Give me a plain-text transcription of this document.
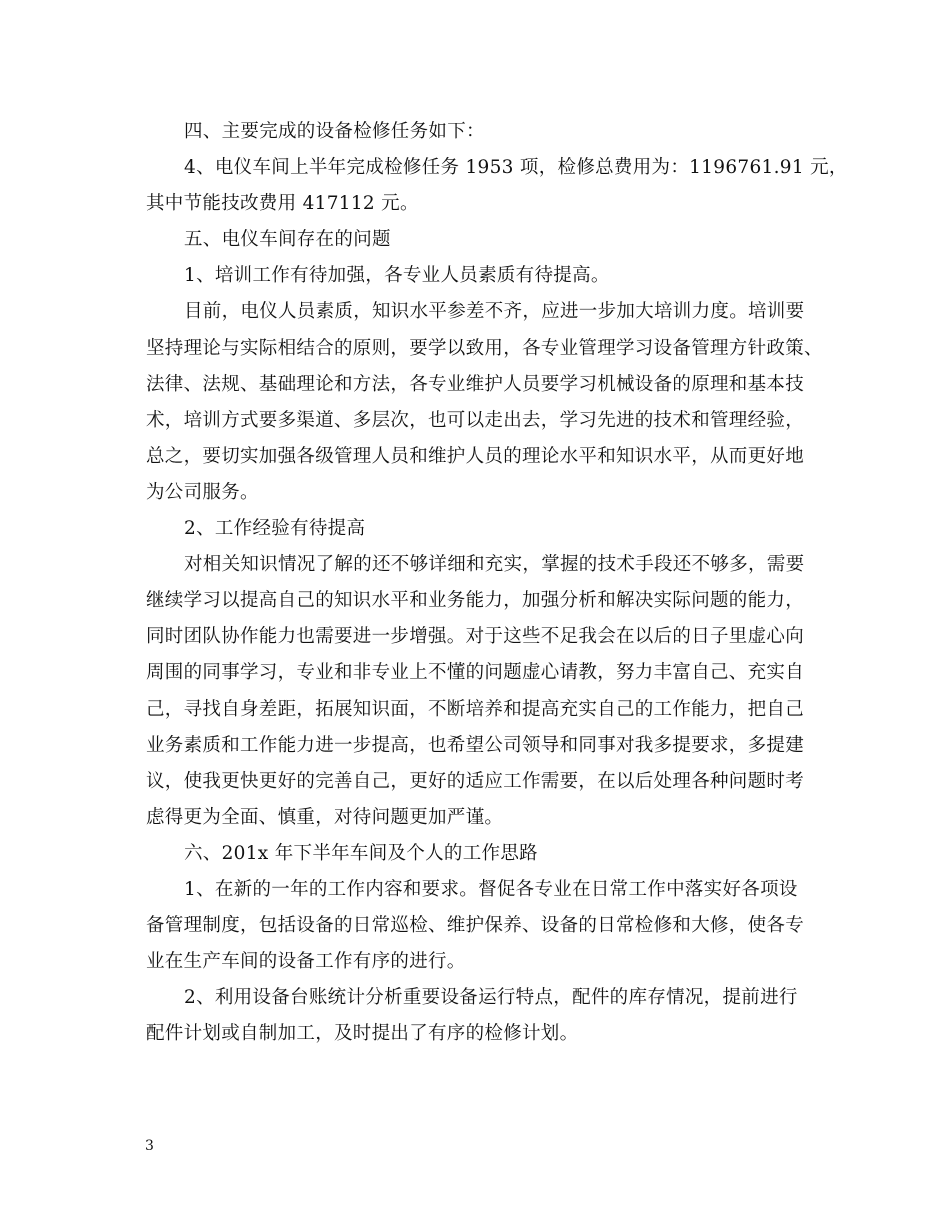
四、主要完成的设备检修任务如下：
4、电仪车间上半年完成检修任务 1953 项，检修总费用为：1196761.91 元，
其中节能技改费用 417112 元。
五、电仪车间存在的问题
1、培训工作有待加强，各专业人员素质有待提高。
目前，电仪人员素质，知识水平参差不齐，应进一步加大培训力度。培训要
坚持理论与实际相结合的原则，要学以致用，各专业管理学习设备管理方针政策、
法律、法规、基础理论和方法，各专业维护人员要学习机械设备的原理和基本技
术，培训方式要多渠道、多层次，也可以走出去，学习先进的技术和管理经验，
总之，要切实加强各级管理人员和维护人员的理论水平和知识水平，从而更好地
为公司服务。
2、工作经验有待提高
对相关知识情况了解的还不够详细和充实，掌握的技术手段还不够多，需要
继续学习以提高自己的知识水平和业务能力，加强分析和解决实际问题的能力，
同时团队协作能力也需要进一步增强。对于这些不足我会在以后的日子里虚心向
周围的同事学习，专业和非专业上不懂的问题虚心请教，努力丰富自己、充实自
己，寻找自身差距，拓展知识面，不断培养和提高充实自己的工作能力，把自己
业务素质和工作能力进一步提高，也希望公司领导和同事对我多提要求，多提建
议，使我更快更好的完善自己，更好的适应工作需要，在以后处理各种问题时考
虑得更为全面、慎重，对待问题更加严谨。
六、201x 年下半年车间及个人的工作思路
1、在新的一年的工作内容和要求。督促各专业在日常工作中落实好各项设
备管理制度，包括设备的日常巡检、维护保养、设备的日常检修和大修，使各专
业在生产车间的设备工作有序的进行。
2、利用设备台账统计分析重要设备运行特点，配件的库存情况，提前进行
配件计划或自制加工，及时提出了有序的检修计划。
3
